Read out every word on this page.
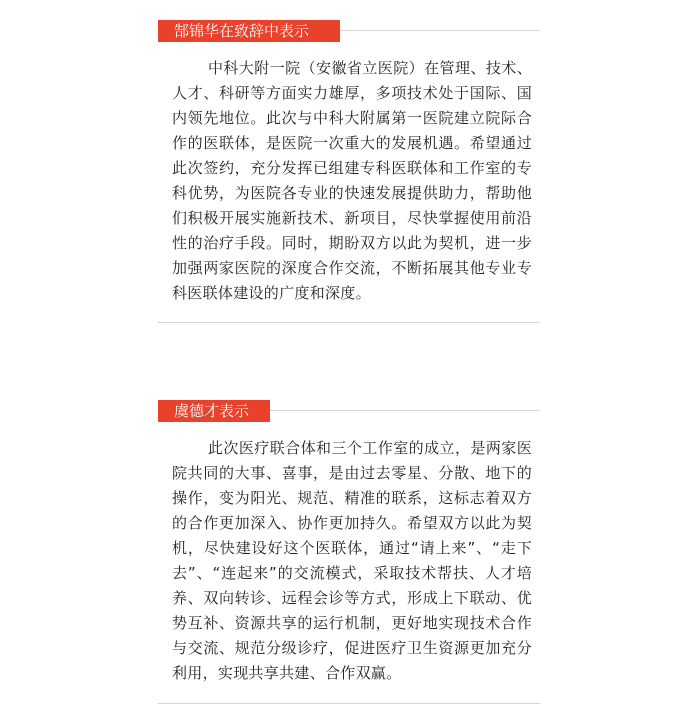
郜锦华在致辞中表示

中科大附一院（安徽省立医院）在管理、技术、人才、科研等方面实力雄厚，多项技术处于国际、国内领先地位。此次与中科大附属第一医院建立院际合作的医联体，是医院一次重大的发展机遇。希望通过此次签约，充分发挥已组建专科医联体和工作室的专科优势，为医院各专业的快速发展提供助力，帮助他们积极开展实施新技术、新项目，尽快掌握使用前沿性的治疗手段。同时，期盼双方以此为契机，进一步加强两家医院的深度合作交流，不断拓展其他专业专科医联体建设的广度和深度。

虞德才表示

此次医疗联合体和三个工作室的成立，是两家医院共同的大事、喜事，是由过去零星、分散、地下的操作，变为阳光、规范、精准的联系，这标志着双方的合作更加深入、协作更加持久。希望双方以此为契机，尽快建设好这个医联体，通过“请上来”、“走下去”、“连起来”的交流模式，采取技术帮扶、人才培养、双向转诊、远程会诊等方式，形成上下联动、优势互补、资源共享的运行机制，更好地实现技术合作与交流、规范分级诊疗，促进医疗卫生资源更加充分利用，实现共享共建、合作双赢。
